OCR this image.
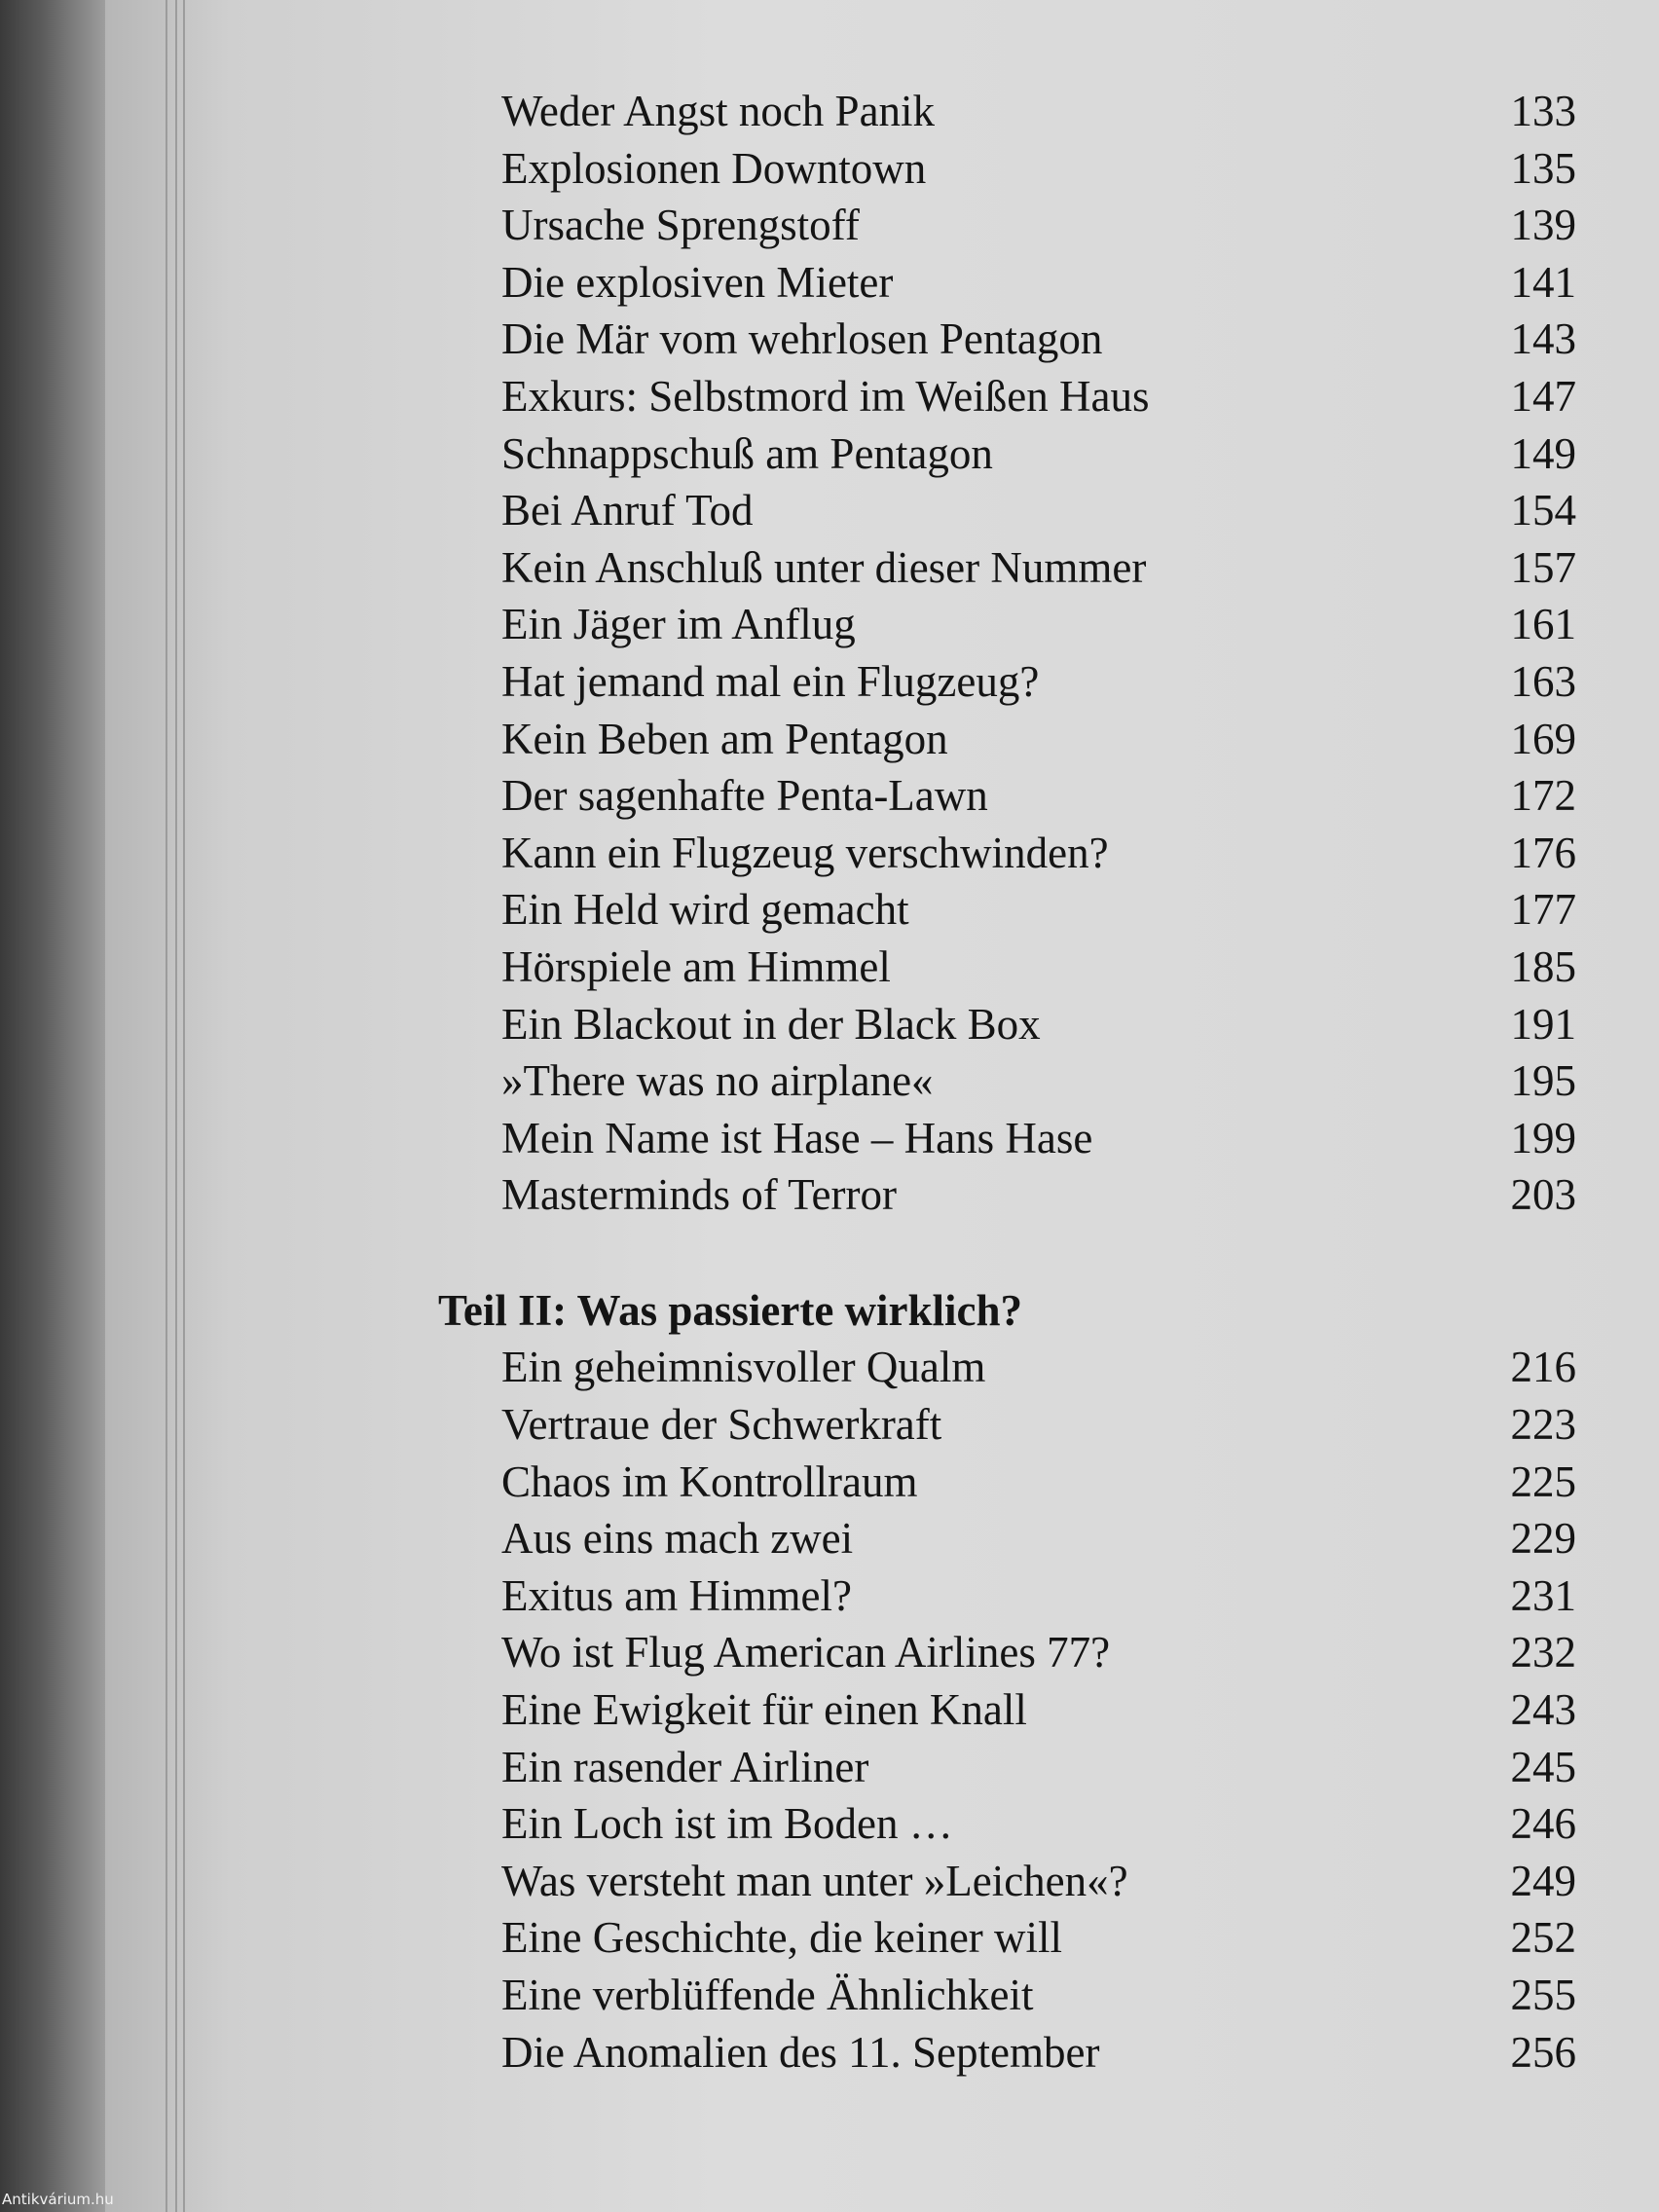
Weder Angst noch Panik	133
Explosionen Downtown	135
Ursache Sprengstoff	139
Die explosiven Mieter	141
Die Mär vom wehrlosen Pentagon	143
Exkurs: Selbstmord im Weißen Haus	147
Schnappschuß am Pentagon	149
Bei Anruf Tod	154
Kein Anschluß unter dieser Nummer	157
Ein Jäger im Anflug	161
Hat jemand mal ein Flugzeug?	163
Kein Beben am Pentagon	169
Der sagenhafte Penta-Lawn	172
Kann ein Flugzeug verschwinden?	176
Ein Held wird gemacht	177
Hörspiele am Himmel	185
Ein Blackout in der Black Box	191
»There was no airplane«	195
Mein Name ist Hase – Hans Hase	199
Masterminds of Terror	203
Teil II: Was passierte wirklich?
Ein geheimnisvoller Qualm	216
Vertraue der Schwerkraft	223
Chaos im Kontrollraum	225
Aus eins mach zwei	229
Exitus am Himmel?	231
Wo ist Flug American Airlines 77?	232
Eine Ewigkeit für einen Knall	243
Ein rasender Airliner	245
Ein Loch ist im Boden …	246
Was versteht man unter »Leichen«?	249
Eine Geschichte, die keiner will	252
Eine verblüffende Ähnlichkeit	255
Die Anomalien des 11. September	256
Antikvárium.hu
